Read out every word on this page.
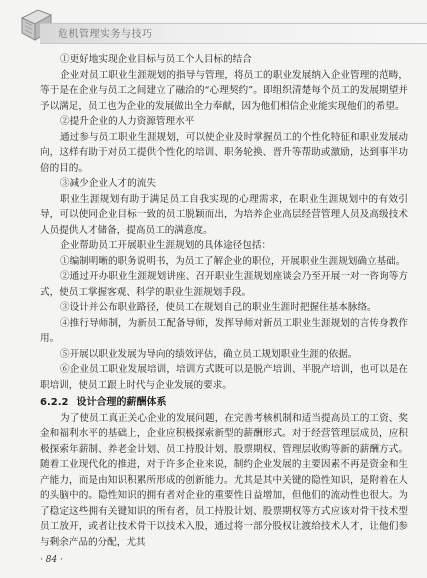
危机管理实务与技巧

①更好地实现企业目标与员工个人目标的结合

企业对员工职业生涯规划的指导与管理，将员工的职业发展纳入企业管理的范畴，等于是在企业与员工之间建立了融洽的“心理契约”。即组织清楚每个员工的发展期望并予以满足，员工也为企业的发展做出全力奉献，因为他们相信企业能实现他们的希望。

②提升企业的人力资源管理水平

通过参与员工职业生涯规划，可以使企业及时掌握员工的个性化特征和职业发展动向，这样有助于对员工提供个性化的培训、职务轮换、晋升等帮助或激励，达到事半功倍的目的。

③减少企业人才的流失

职业生涯规划有助于满足员工自我实现的心理需求，在职业生涯规划中的有效引导，可以使同企业目标一致的员工脱颖而出，为培养企业高层经营管理人员及高级技术人员提供人才储备，提高员工的满意度。

企业帮助员工开展职业生涯规划的具体途径包括：

①编制明晰的职务说明书，为员工了解企业的职位，开展职业生涯规划确立基础。

②通过开办职业生涯规划讲座、召开职业生涯规划座谈会乃至开展一对一咨询等方式，使员工掌握客观、科学的职业生涯规划手段。

③设计并公布职业路径，使员工在规划自己的职业生涯时把握住基本脉络。

④推行导师制，为新员工配备导师，发挥导师对新员工职业生涯规划的言传身教作用。

⑤开展以职业发展为导向的绩效评估，确立员工规划职业生涯的依据。

⑥企业员工职业发展培训，培训方式既可以是脱产培训、半脱产培训，也可以是在职培训，使员工跟上时代与企业发展的要求。

6.2.2 设计合理的薪酬体系

为了使员工真正关心企业的发展问题，在完善考核机制和适当提高员工的工资、奖金和福利水平的基础上，企业应积极探索新型的薪酬形式。对于经营管理层成员，应积极探索年薪制、养老金计划、员工持股计划、股票期权、管理层收购等新的薪酬方式。随着工业现代化的推进，对于许多企业来说，制约企业发展的主要因素不再是资金和生产能力，而是由知识积累所形成的创新能力。尤其是其中关键的隐性知识，是附着在人的头脑中的。隐性知识的拥有者对企业的重要性日益增加，但他们的流动性也很大。为了稳定这些拥有关键知识的所有者，员工持股计划、股票期权等方式应该对骨干技术型员工放开，或者让技术骨干以技术入股，通过将一部分股权让渡给技术人才，让他们参与剩余产品的分配，尤其

· 84 ·
